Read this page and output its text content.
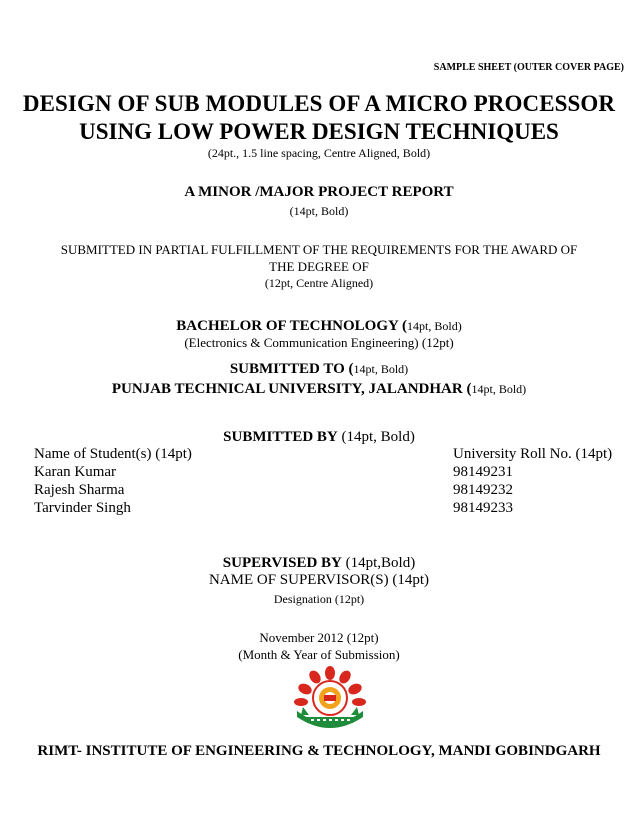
SAMPLE SHEET (OUTER COVER PAGE)
DESIGN OF SUB MODULES OF A MICRO PROCESSOR
USING LOW POWER DESIGN TECHNIQUES
(24pt., 1.5 line spacing, Centre Aligned, Bold)
A MINOR /MAJOR PROJECT REPORT
(14pt, Bold)
SUBMITTED IN PARTIAL FULFILLMENT OF THE REQUIREMENTS FOR THE AWARD OF
THE DEGREE OF
(12pt, Centre Aligned)
BACHELOR OF TECHNOLOGY (14pt, Bold)
(Electronics & Communication Engineering) (12pt)
SUBMITTED TO (14pt, Bold)
PUNJAB TECHNICAL UNIVERSITY, JALANDHAR (14pt, Bold)
SUBMITTED BY (14pt, Bold)
Name of Student(s) (14pt)	University Roll No. (14pt)
Karan Kumar	98149231
Rajesh Sharma	98149232
Tarvinder Singh	98149233
SUPERVISED BY (14pt,Bold)
NAME OF SUPERVISOR(S) (14pt)
Designation (12pt)
November 2012 (12pt)
(Month & Year of Submission)
RIMT- INSTITUTE OF ENGINEERING & TECHNOLOGY, MANDI GOBINDGARH
